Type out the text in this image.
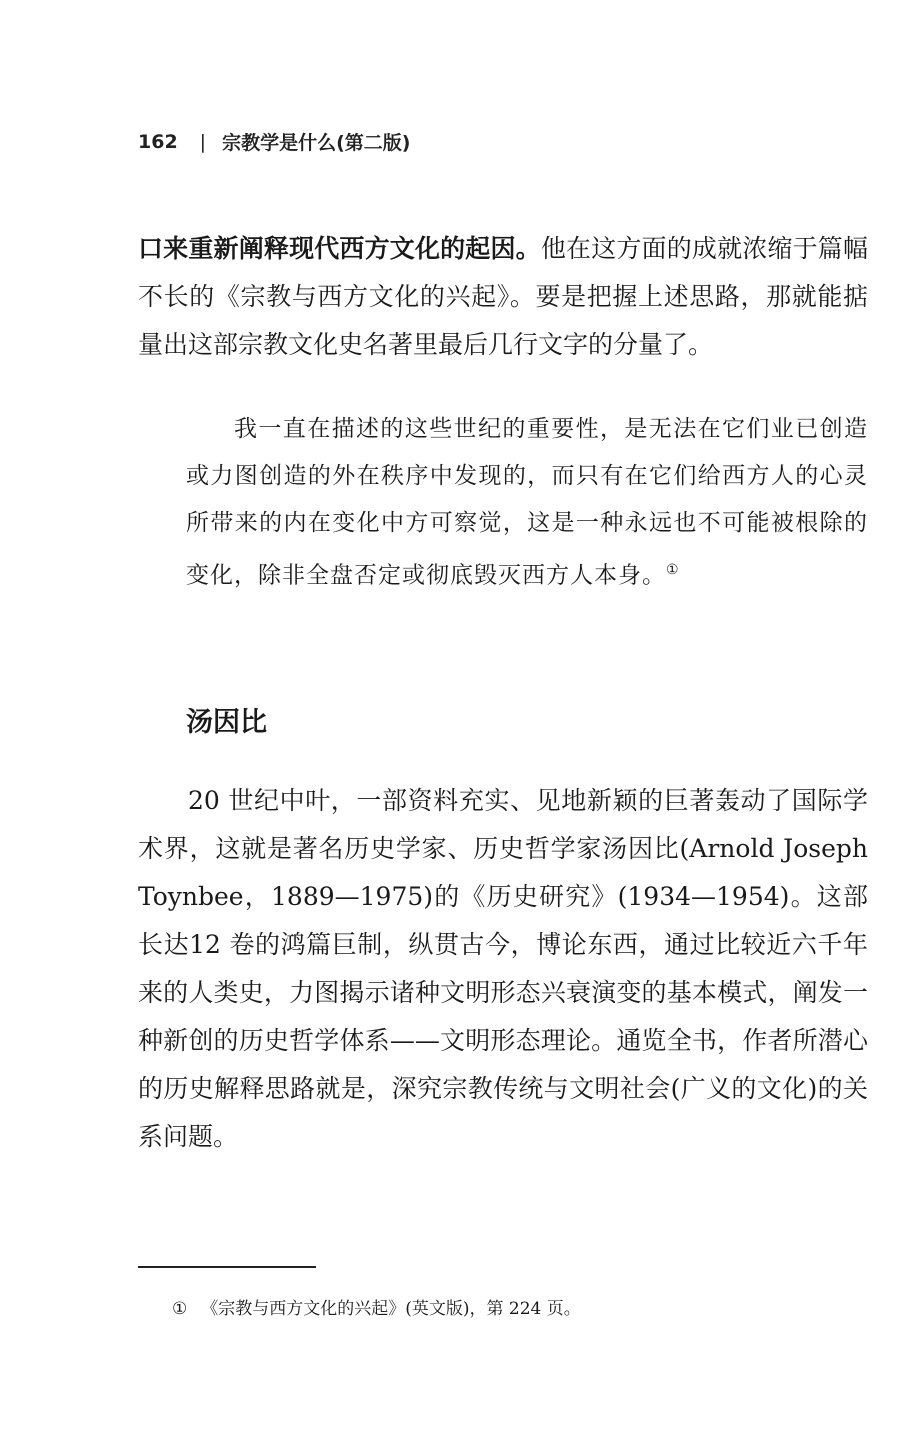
162 | 宗教学是什么(第二版)

口来重新阐释现代西方文化的起因。他在这方面的成就浓缩于篇幅不长的《宗教与西方文化的兴起》。要是把握上述思路，那就能掂量出这部宗教文化史名著里最后几行文字的分量了。

我一直在描述的这些世纪的重要性，是无法在它们业已创造或力图创造的外在秩序中发现的，而只有在它们给西方人的心灵所带来的内在变化中方可察觉，这是一种永远也不可能被根除的变化，除非全盘否定或彻底毁灭西方人本身。①

汤因比

20 世纪中叶，一部资料充实、见地新颖的巨著轰动了国际学术界，这就是著名历史学家、历史哲学家汤因比(Arnold Joseph Toynbee，1889—1975)的《历史研究》(1934—1954)。这部长达12 卷的鸿篇巨制，纵贯古今，博论东西，通过比较近六千年来的人类史，力图揭示诸种文明形态兴衰演变的基本模式，阐发一种新创的历史哲学体系——文明形态理论。通览全书，作者所潜心的历史解释思路就是，深究宗教传统与文明社会(广义的文化)的关系问题。

① 《宗教与西方文化的兴起》(英文版)，第 224 页。
